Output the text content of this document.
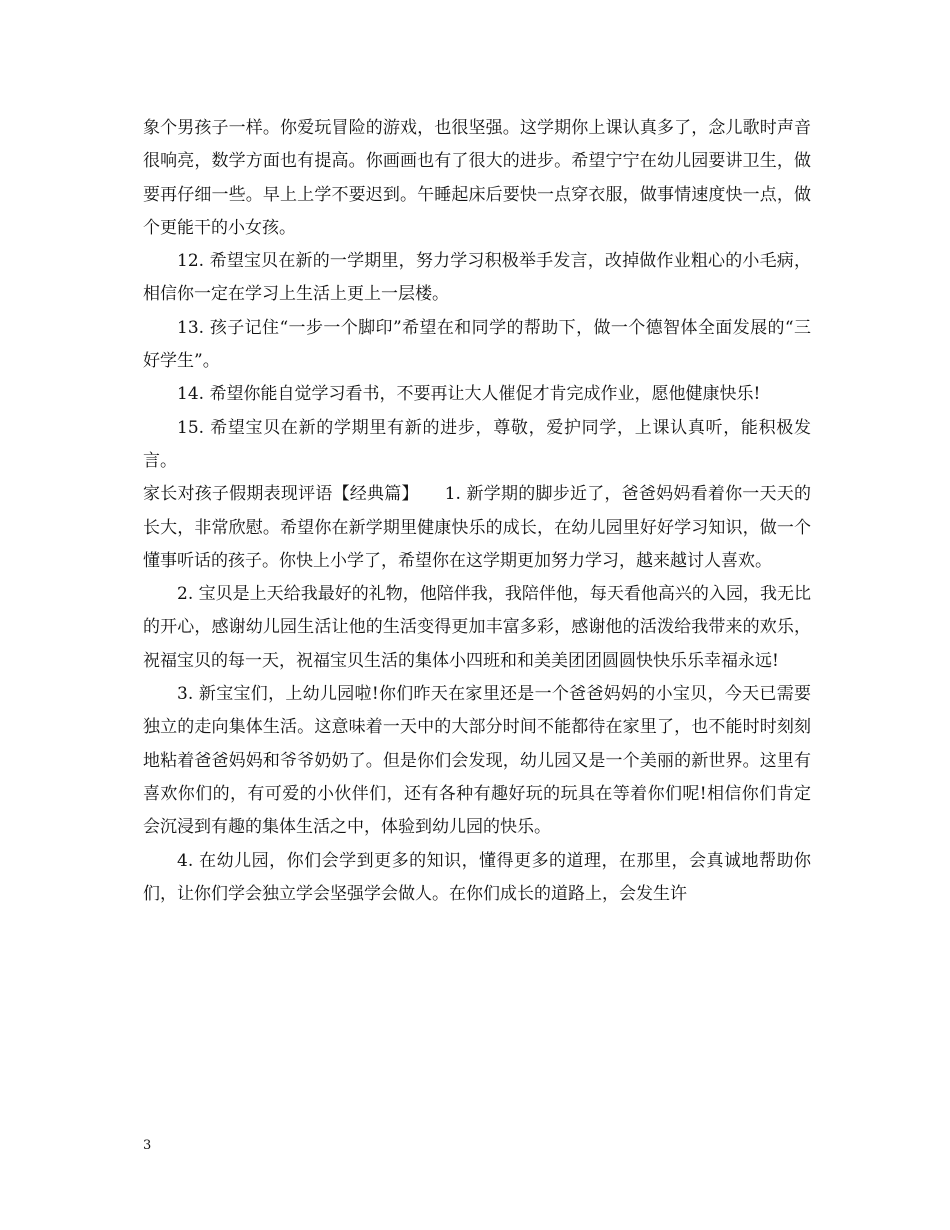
象个男孩子一样。你爱玩冒险的游戏，也很坚强。这学期你上课认真多了，念儿歌时声音很响亮，数学方面也有提高。你画画也有了很大的进步。希望宁宁在幼儿园要讲卫生，做要再仔细一些。早上上学不要迟到。午睡起床后要快一点穿衣服，做事情速度快一点，做个更能干的小女孩。

12. 希望宝贝在新的一学期里，努力学习积极举手发言，改掉做作业粗心的小毛病，相信你一定在学习上生活上更上一层楼。

13. 孩子记住“一步一个脚印”希望在和同学的帮助下，做一个德智体全面发展的“三好学生”。

14. 希望你能自觉学习看书，不要再让大人催促才肯完成作业，愿他健康快乐!

15. 希望宝贝在新的学期里有新的进步，尊敬，爱护同学，上课认真听，能积极发言。

家长对孩子假期表现评语【经典篇】　　1. 新学期的脚步近了，爸爸妈妈看着你一天天的长大，非常欣慰。希望你在新学期里健康快乐的成长，在幼儿园里好好学习知识，做一个懂事听话的孩子。你快上小学了，希望你在这学期更加努力学习，越来越讨人喜欢。

2. 宝贝是上天给我最好的礼物，他陪伴我，我陪伴他，每天看他高兴的入园，我无比的开心，感谢幼儿园生活让他的生活变得更加丰富多彩，感谢他的活泼给我带来的欢乐，祝福宝贝的每一天，祝福宝贝生活的集体小四班和和美美团团圆圆快快乐乐幸福永远!

3. 新宝宝们，上幼儿园啦!你们昨天在家里还是一个爸爸妈妈的小宝贝，今天已需要独立的走向集体生活。这意味着一天中的大部分时间不能都待在家里了，也不能时时刻刻地粘着爸爸妈妈和爷爷奶奶了。但是你们会发现，幼儿园又是一个美丽的新世界。这里有喜欢你们的，有可爱的小伙伴们，还有各种有趣好玩的玩具在等着你们呢!相信你们肯定会沉浸到有趣的集体生活之中，体验到幼儿园的快乐。

4. 在幼儿园，你们会学到更多的知识，懂得更多的道理，在那里，会真诚地帮助你们，让你们学会独立学会坚强学会做人。在你们成长的道路上，会发生许

3
